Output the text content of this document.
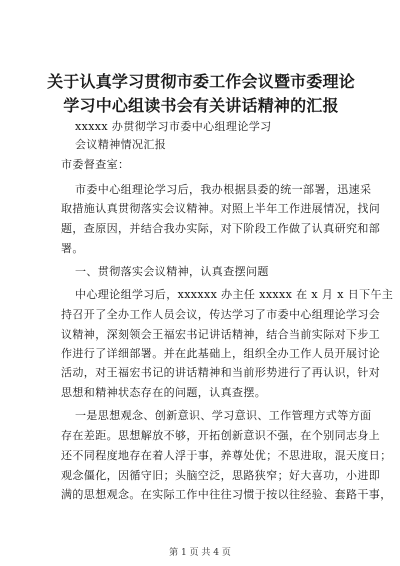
关于认真学习贯彻市委工作会议暨市委理论学习中心组读书会有关讲话精神的汇报
xxxxx 办贯彻学习市委中心组理论学习
会议精神情况汇报
市委督查室：
市委中心组理论学习后，我办根据县委的统一部署，迅速采
取措施认真贯彻落实会议精神。对照上半年工作进展情况，找问
题，查原因，并结合我办实际，对下阶段工作做了认真研究和部
署。
一、贯彻落实会议精神，认真查摆问题
中心理论组学习后，xxxxxx 办主任 xxxxx 在 x 月 x 日下午主
持召开了全办工作人员会议，传达学习了市委中心组理论学习会
议精神，深刻领会王福宏书记讲话精神，结合当前实际对下步工
作进行了详细部署。并在此基础上，组织全办工作人员开展讨论
活动，对王福宏书记的讲话精神和当前形势进行了再认识，针对
思想和精神状态存在的问题，认真查摆。
一是思想观念、创新意识、学习意识、工作管理方式等方面
存在差距。思想解放不够，开拓创新意识不强，在个别同志身上
还不同程度地存在着人浮于事，养尊处优；不思进取，混天度日；
观念僵化，因循守旧；头脑空泛，思路狭窄；好大喜功，小进即
满的思想观念。在实际工作中往往习惯于按以往经验、套路干事，
第 1 页 共 4 页
